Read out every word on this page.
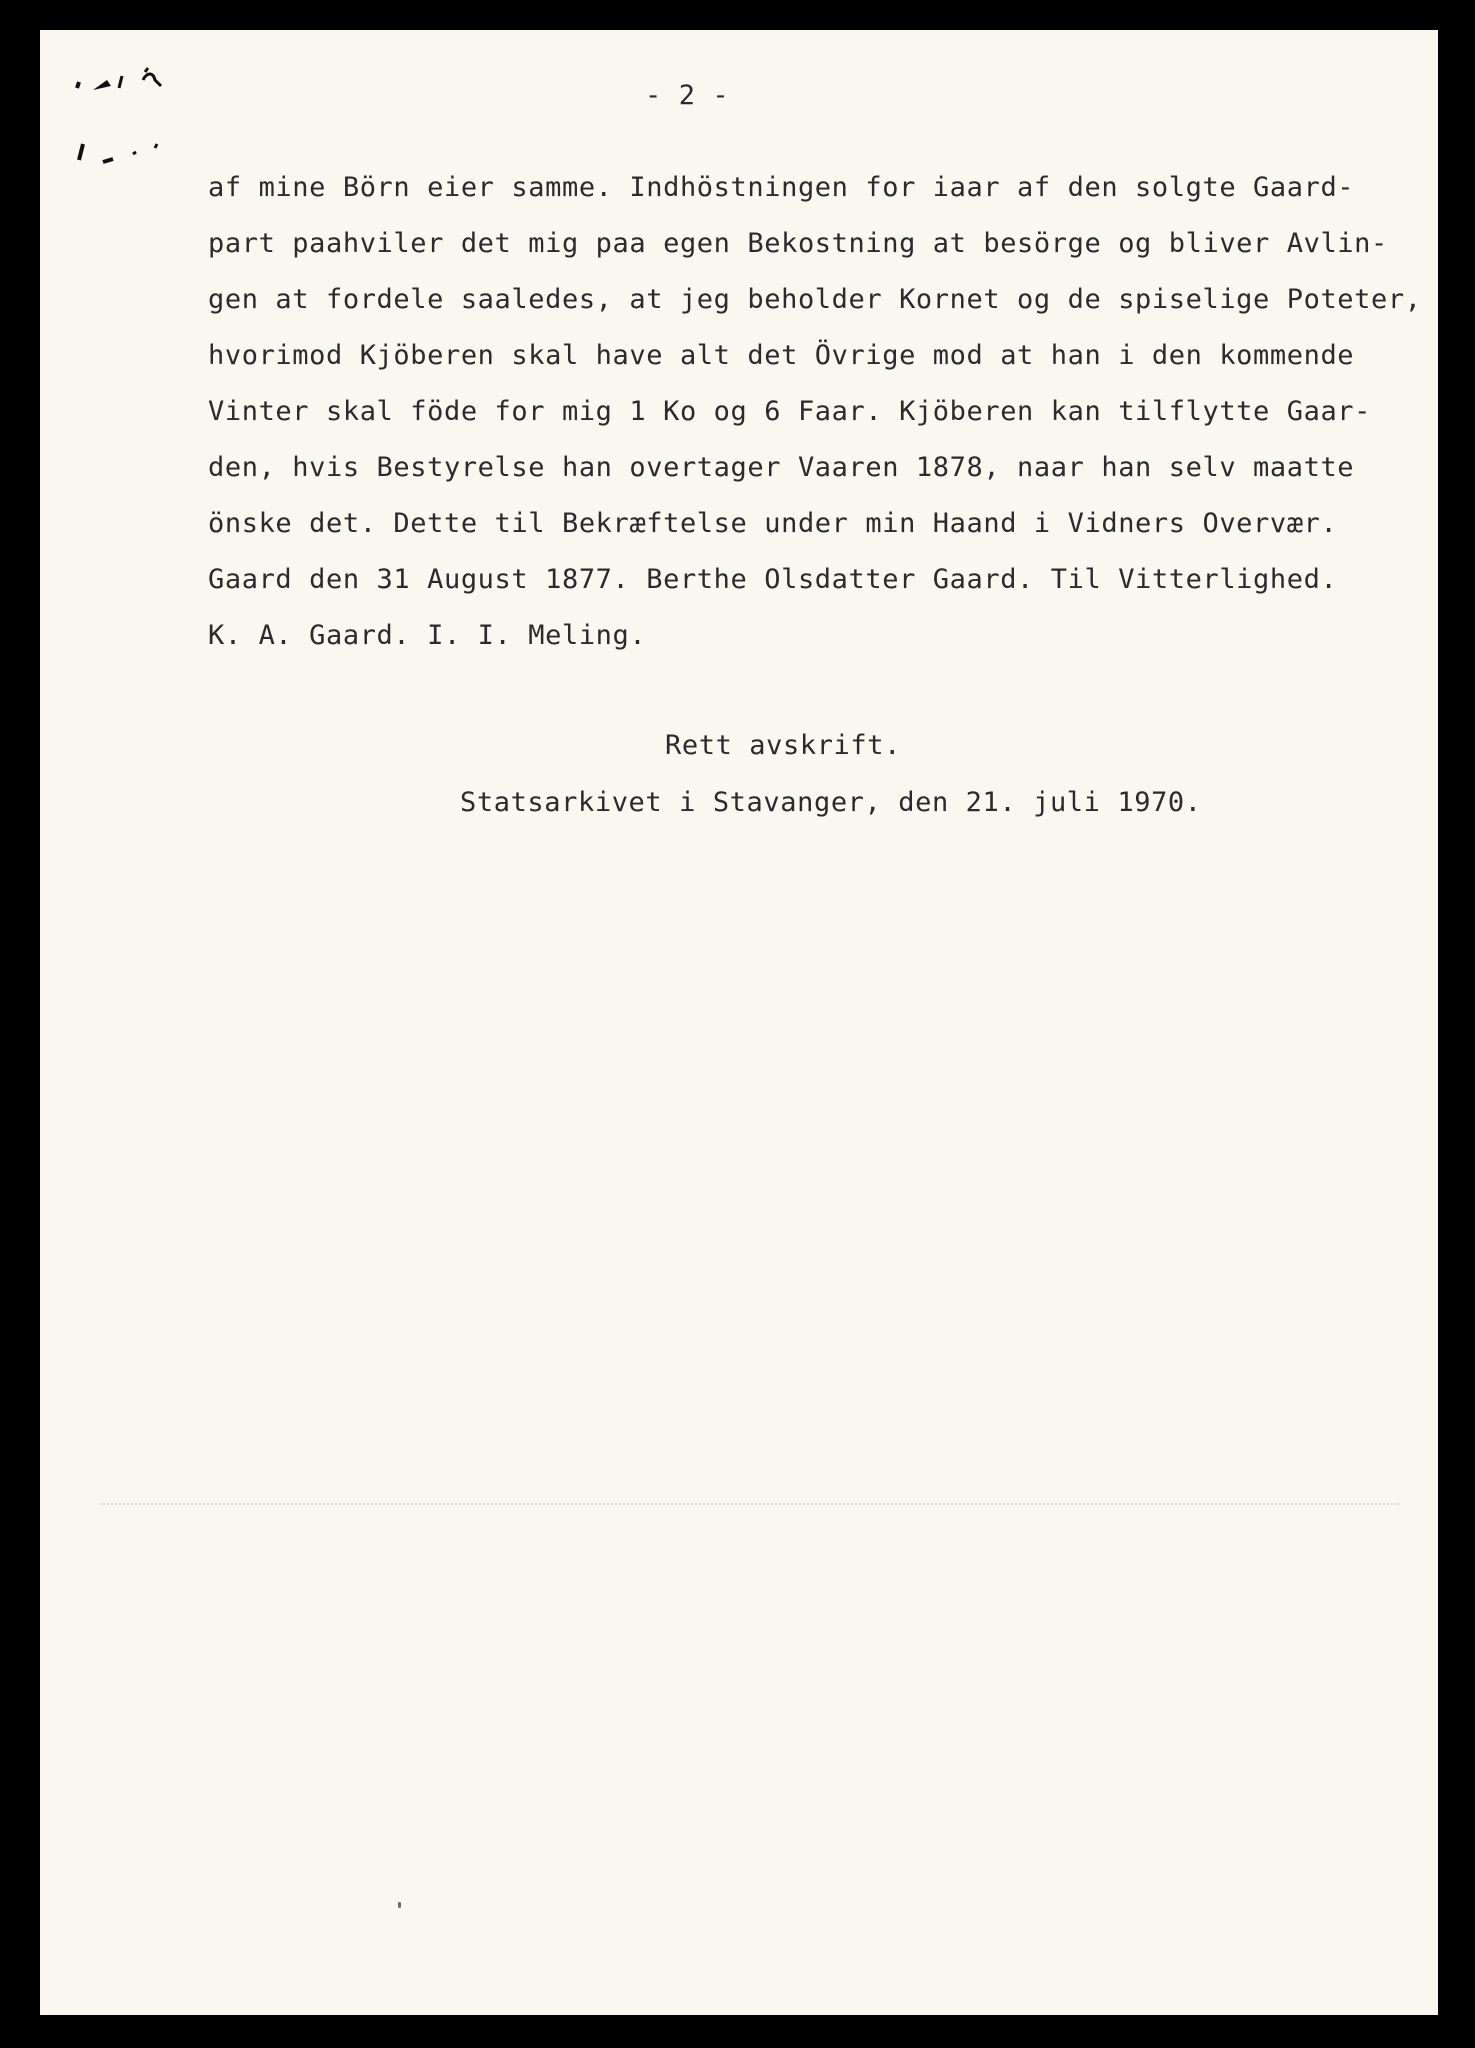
- 2 -
af mine Börn eier samme. Indhöstningen for iaar af den solgte Gaard-
part paahviler det mig paa egen Bekostning at besörge og bliver Avlin-
gen at fordele saaledes, at jeg beholder Kornet og de spiselige Poteter,
hvorimod Kjöberen skal have alt det Övrige mod at han i den kommende
Vinter skal föde for mig 1 Ko og 6 Faar. Kjöberen kan tilflytte Gaar-
den, hvis Bestyrelse han overtager Vaaren 1878, naar han selv maatte
önske det. Dette til Bekræftelse under min Haand i Vidners Overvær.
Gaard den 31 August 1877. Berthe Olsdatter Gaard. Til Vitterlighed.
K. A. Gaard. I. I. Meling.
Rett avskrift.
Statsarkivet i Stavanger, den 21. juli 1970.
